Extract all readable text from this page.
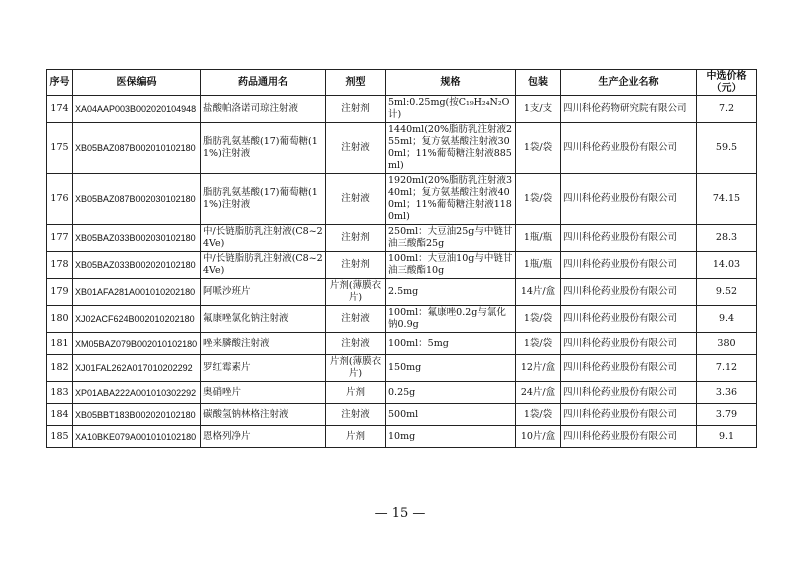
序号	医保编码	药品通用名	剂型	规格	包装	生产企业名称	中选价格（元）
174	XA04AAP003B002020104948	盐酸帕洛诺司琼注射液	注射剂	5ml:0.25mg(按C₁₉H₂₄N₂O计)	1支/支	四川科伦药物研究院有限公司	7.2
175	XB05BAZ087B002010102180	脂肪乳氨基酸(17)葡萄糖(11%)注射液	注射液	1440ml(20%脂肪乳注射液255ml；复方氨基酸注射液300ml；11%葡萄糖注射液885ml)	1袋/袋	四川科伦药业股份有限公司	59.5
176	XB05BAZ087B002030102180	脂肪乳氨基酸(17)葡萄糖(11%)注射液	注射液	1920ml(20%脂肪乳注射液340ml；复方氨基酸注射液400ml；11%葡萄糖注射液1180ml)	1袋/袋	四川科伦药业股份有限公司	74.15
177	XB05BAZ033B002030102180	中/长链脂肪乳注射液(C8~24Ve)	注射剂	250ml：大豆油25g与中链甘油三酸酯25g	1瓶/瓶	四川科伦药业股份有限公司	28.3
178	XB05BAZ033B002020102180	中/长链脂肪乳注射液(C8~24Ve)	注射剂	100ml：大豆油10g与中链甘油三酸酯10g	1瓶/瓶	四川科伦药业股份有限公司	14.03
179	XB01AFA281A001010202180	阿哌沙班片	片剂(薄膜衣片)	2.5mg	14片/盒	四川科伦药业股份有限公司	9.52
180	XJ02ACF624B002010202180	氟康唑氯化钠注射液	注射液	100ml：氟康唑0.2g与氯化钠0.9g	1袋/袋	四川科伦药业股份有限公司	9.4
181	XM05BAZ079B002010102180	唑来膦酸注射液	注射液	100ml：5mg	1袋/袋	四川科伦药业股份有限公司	380
182	XJ01FAL262A017010202292	罗红霉素片	片剂(薄膜衣片)	150mg	12片/盒	四川科伦药业股份有限公司	7.12
183	XP01ABA222A001010302292	奥硝唑片	片剂	0.25g	24片/盒	四川科伦药业股份有限公司	3.36
184	XB05BBT183B002020102180	碳酸氢钠林格注射液	注射液	500ml	1袋/袋	四川科伦药业股份有限公司	3.79
185	XA10BKE079A001010102180	恩格列净片	片剂	10mg	10片/盒	四川科伦药业股份有限公司	9.1
— 15 —
